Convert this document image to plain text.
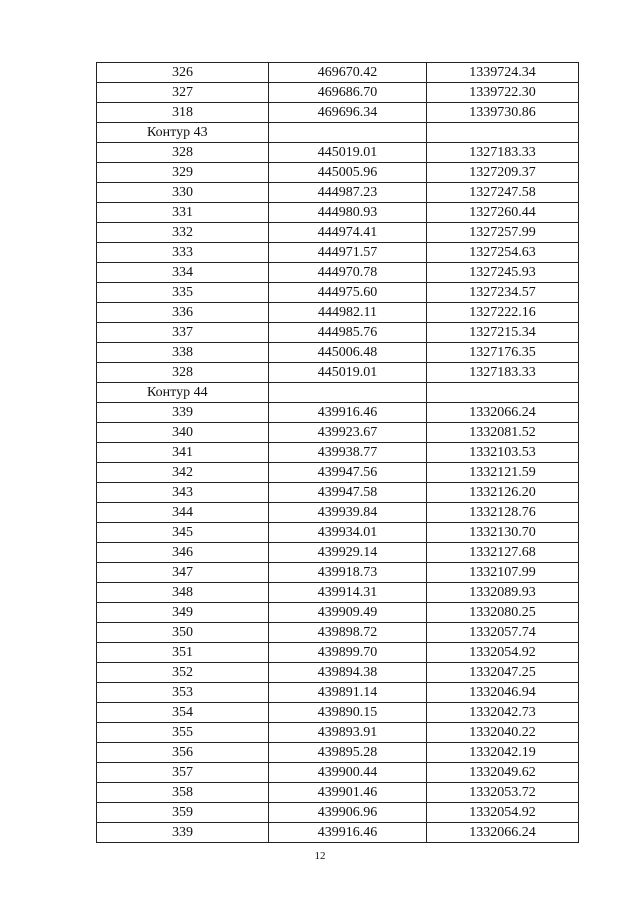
326	469670.42	1339724.34
327	469686.70	1339722.30
318	469696.34	1339730.86
Контур 43		
328	445019.01	1327183.33
329	445005.96	1327209.37
330	444987.23	1327247.58
331	444980.93	1327260.44
332	444974.41	1327257.99
333	444971.57	1327254.63
334	444970.78	1327245.93
335	444975.60	1327234.57
336	444982.11	1327222.16
337	444985.76	1327215.34
338	445006.48	1327176.35
328	445019.01	1327183.33
Контур 44		
339	439916.46	1332066.24
340	439923.67	1332081.52
341	439938.77	1332103.53
342	439947.56	1332121.59
343	439947.58	1332126.20
344	439939.84	1332128.76
345	439934.01	1332130.70
346	439929.14	1332127.68
347	439918.73	1332107.99
348	439914.31	1332089.93
349	439909.49	1332080.25
350	439898.72	1332057.74
351	439899.70	1332054.92
352	439894.38	1332047.25
353	439891.14	1332046.94
354	439890.15	1332042.73
355	439893.91	1332040.22
356	439895.28	1332042.19
357	439900.44	1332049.62
358	439901.46	1332053.72
359	439906.96	1332054.92
339	439916.46	1332066.24
12
